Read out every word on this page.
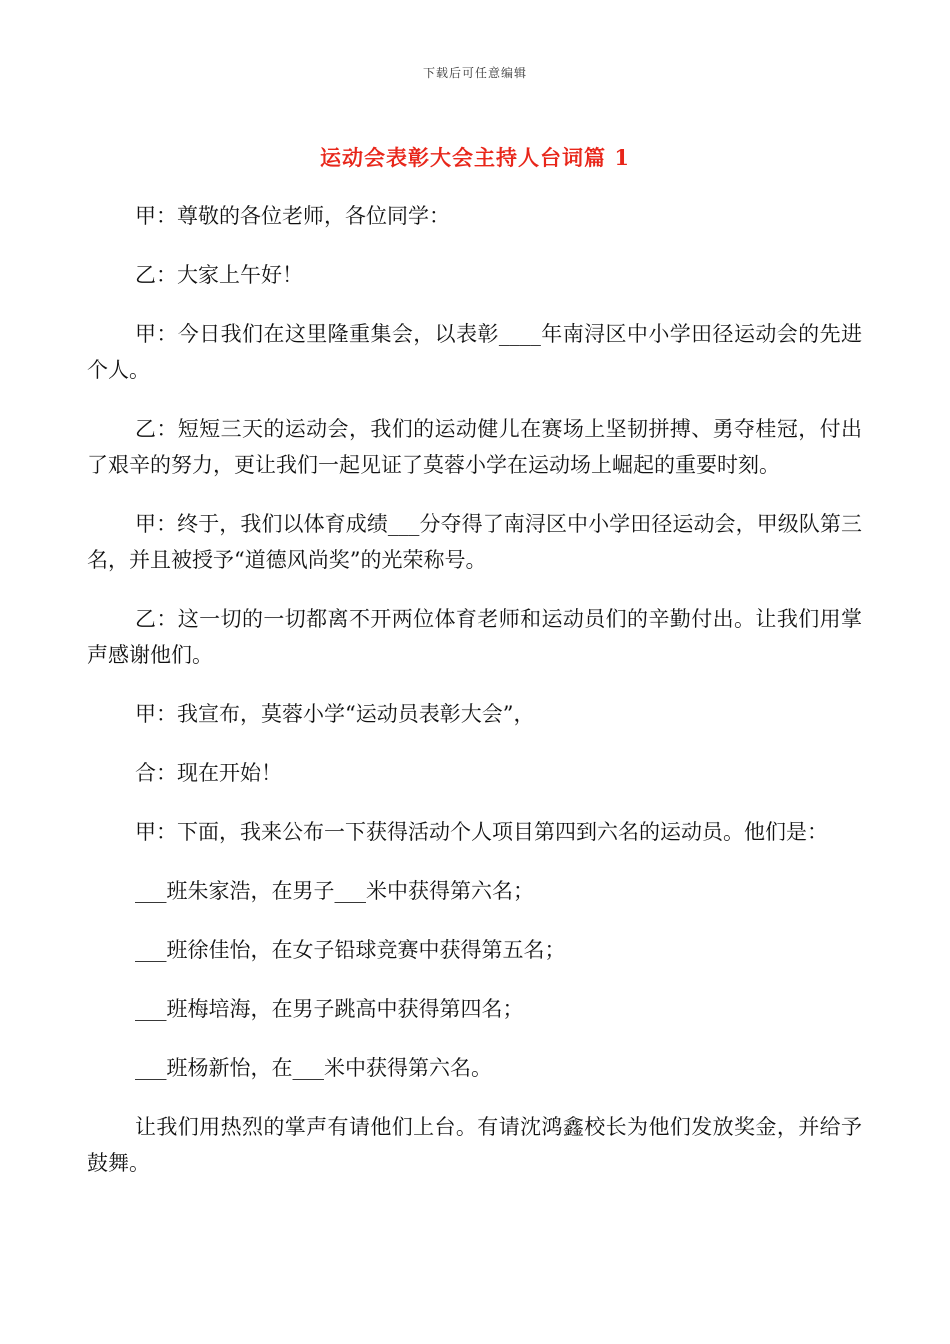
下载后可任意编辑
运动会表彰大会主持人台词篇 1

甲：尊敬的各位老师，各位同学：

乙：大家上午好！

甲：今日我们在这里隆重集会，以表彰____年南浔区中小学田径运动会的先进个人。

乙：短短三天的运动会，我们的运动健儿在赛场上坚韧拼搏、勇夺桂冠，付出了艰辛的努力，更让我们一起见证了莫蓉小学在运动场上崛起的重要时刻。

甲：终于，我们以体育成绩___分夺得了南浔区中小学田径运动会，甲级队第三名，并且被授予“道德风尚奖”的光荣称号。

乙：这一切的一切都离不开两位体育老师和运动员们的辛勤付出。让我们用掌声感谢他们。

甲：我宣布，莫蓉小学“运动员表彰大会”，

合：现在开始！

甲：下面，我来公布一下获得活动个人项目第四到六名的运动员。他们是：

___班朱家浩，在男子___米中获得第六名；

___班徐佳怡，在女子铅球竞赛中获得第五名；

___班梅培海，在男子跳高中获得第四名；

___班杨新怡，在___米中获得第六名。

让我们用热烈的掌声有请他们上台。有请沈鸿鑫校长为他们发放奖金，并给予鼓舞。
